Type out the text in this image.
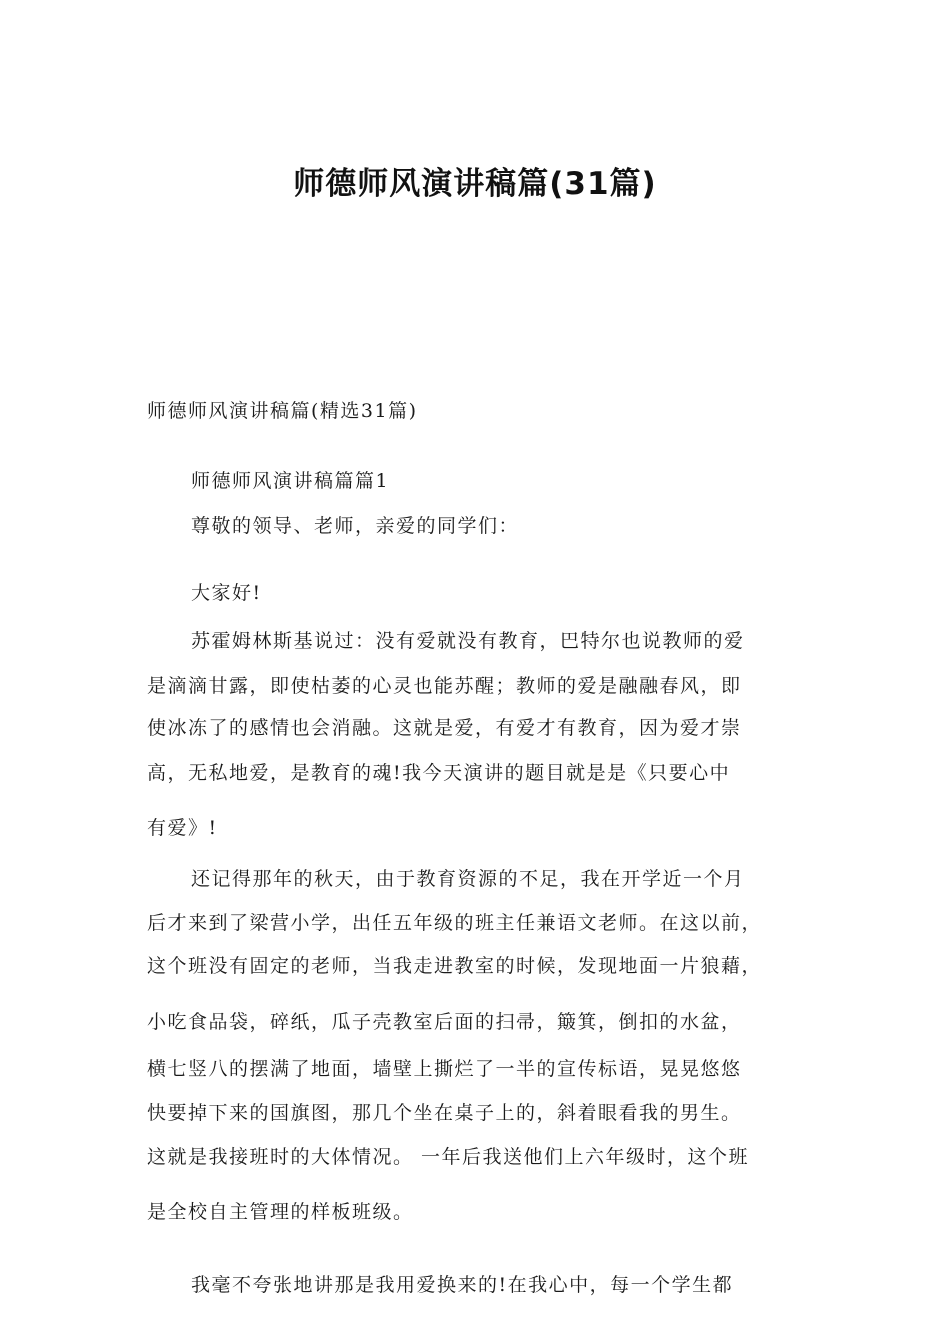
师德师风演讲稿篇(31篇)
师德师风演讲稿篇(精选31篇)
师德师风演讲稿篇篇1
尊敬的领导、老师，亲爱的同学们：
大家好!
苏霍姆林斯基说过：没有爱就没有教育，巴特尔也说教师的爱
是滴滴甘露，即使枯萎的心灵也能苏醒；教师的爱是融融春风，即
使冰冻了的感情也会消融。这就是爱，有爱才有教育，因为爱才崇
高，无私地爱，是教育的魂!我今天演讲的题目就是是《只要心中
有爱》!
还记得那年的秋天，由于教育资源的不足，我在开学近一个月
后才来到了梁营小学，出任五年级的班主任兼语文老师。在这以前，
这个班没有固定的老师，当我走进教室的时候，发现地面一片狼藉，
小吃食品袋，碎纸，瓜子壳教室后面的扫帚，簸箕，倒扣的水盆，
横七竖八的摆满了地面，墙壁上撕烂了一半的宣传标语，晃晃悠悠
快要掉下来的国旗图，那几个坐在桌子上的，斜着眼看我的男生。
这就是我接班时的大体情况。 一年后我送他们上六年级时，这个班
是全校自主管理的样板班级。
我毫不夸张地讲那是我用爱换来的!在我心中，每一个学生都
